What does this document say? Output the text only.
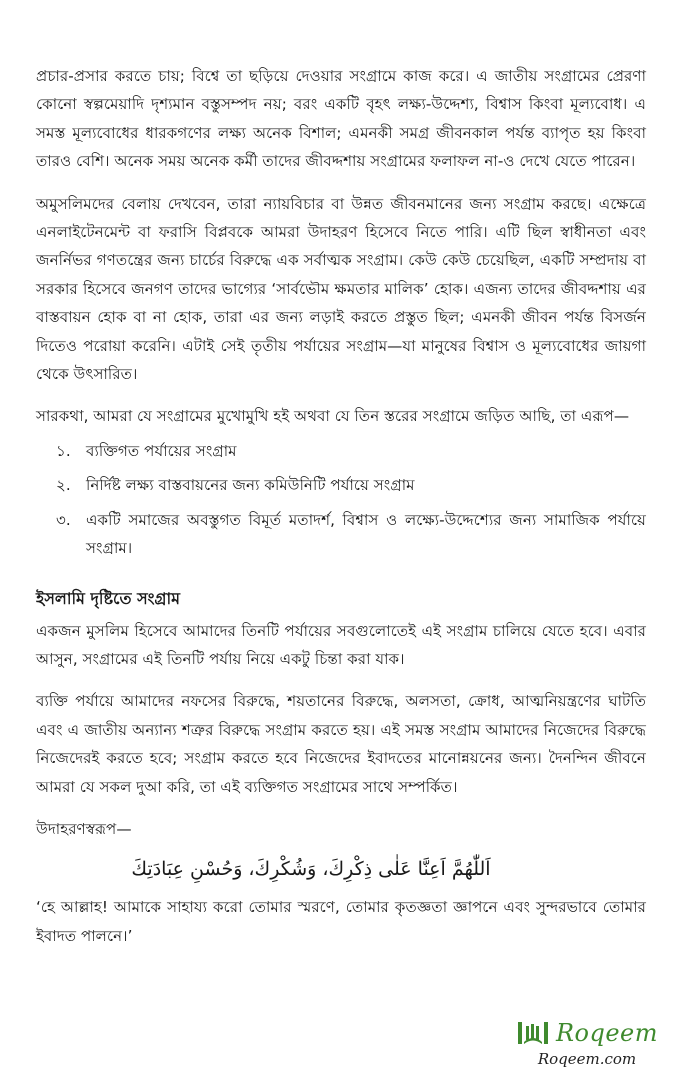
প্রচার-প্রসার করতে চায়; বিশ্বে তা ছড়িয়ে দেওয়ার সংগ্রামে কাজ করে। এ জাতীয় সংগ্রামের প্রেরণা কোনো স্বল্পমেয়াদি দৃশ্যমান বস্তুসম্পদ নয়; বরং একটি বৃহৎ লক্ষ্য-উদ্দেশ্য, বিশ্বাস কিংবা মূল্যবোধ। এ সমস্ত মূল্যবোধের ধারকগণের লক্ষ্য অনেক বিশাল; এমনকী সমগ্র জীবনকাল পর্যন্ত ব্যাপৃত হয় কিংবা তারও বেশি। অনেক সময় অনেক কর্মী তাদের জীবদ্দশায় সংগ্রামের ফলাফল না-ও দেখে যেতে পারেন।

অমুসলিমদের বেলায় দেখবেন, তারা ন্যায়বিচার বা উন্নত জীবনমানের জন্য সংগ্রাম করছে। এক্ষেত্রে এনলাইটেনমেন্ট বা ফরাসি বিপ্লবকে আমরা উদাহরণ হিসেবে নিতে পারি। এটি ছিল স্বাধীনতা এবং জনর্নিভর গণতন্ত্রের জন্য চার্চের বিরুদ্ধে এক সর্বাত্মক সংগ্রাম। কেউ কেউ চেয়েছিল, একটি সম্প্রদায় বা সরকার হিসেবে জনগণ তাদের ভাগ্যের ‘সার্বভৌম ক্ষমতার মালিক’ হোক। এজন্য তাদের জীবদ্দশায় এর বাস্তবায়ন হোক বা না হোক, তারা এর জন্য লড়াই করতে প্রস্তুত ছিল; এমনকী জীবন পর্যন্ত বিসর্জন দিতেও পরোয়া করেনি। এটাই সেই তৃতীয় পর্যায়ের সংগ্রাম—যা মানুষের বিশ্বাস ও মূল্যবোধের জায়গা থেকে উৎসারিত।

সারকথা, আমরা যে সংগ্রামের মুখোমুখি হই অথবা যে তিন স্তরের সংগ্রামে জড়িত আছি, তা এরূপ—

১.	ব্যক্তিগত পর্যায়ের সংগ্রাম
২.	নির্দিষ্ট লক্ষ্য বাস্তবায়নের জন্য কমিউনিটি পর্যায়ে সংগ্রাম
৩.	একটি সমাজের অবস্তুগত বিমূর্ত মতাদর্শ, বিশ্বাস ও লক্ষ্যে-উদ্দেশ্যের জন্য সামাজিক পর্যায়ে সংগ্রাম।
ইসলামি দৃষ্টিতে সংগ্রাম

একজন মুসলিম হিসেবে আমাদের তিনটি পর্যায়ের সবগুলোতেই এই সংগ্রাম চালিয়ে যেতে হবে। এবার আসুন, সংগ্রামের এই তিনটি পর্যায় নিয়ে একটু চিন্তা করা যাক।

ব্যক্তি পর্যায়ে আমাদের নফসের বিরুদ্ধে, শয়তানের বিরুদ্ধে, অলসতা, ক্রোধ, আত্মনিয়ন্ত্রণের ঘাটতি এবং এ জাতীয় অন্যান্য শত্রুর বিরুদ্ধে সংগ্রাম করতে হয়। এই সমস্ত সংগ্রাম আমাদের নিজেদের বিরুদ্ধে নিজেদেরই করতে হবে; সংগ্রাম করতে হবে নিজেদের ইবাদতের মানোন্নয়নের জন্য। দৈনন্দিন জীবনে আমরা যে সকল দুআ করি, তা এই ব্যক্তিগত সংগ্রামের সাথে সম্পর্কিত।

উদাহরণস্বরূপ—

اَللّٰهُمَّ اَعِنَّا عَلٰى ذِكْرِكَ، وَشُكْرِكَ، وَحُسْنِ عِبَادَتِكَ

‘হে আল্লাহ! আমাকে সাহায্য করো তোমার স্মরণে, তোমার কৃতজ্ঞতা জ্ঞাপনে এবং সুন্দরভাবে তোমার ইবাদত পালনে।’

Roqeem
Roqeem.com
